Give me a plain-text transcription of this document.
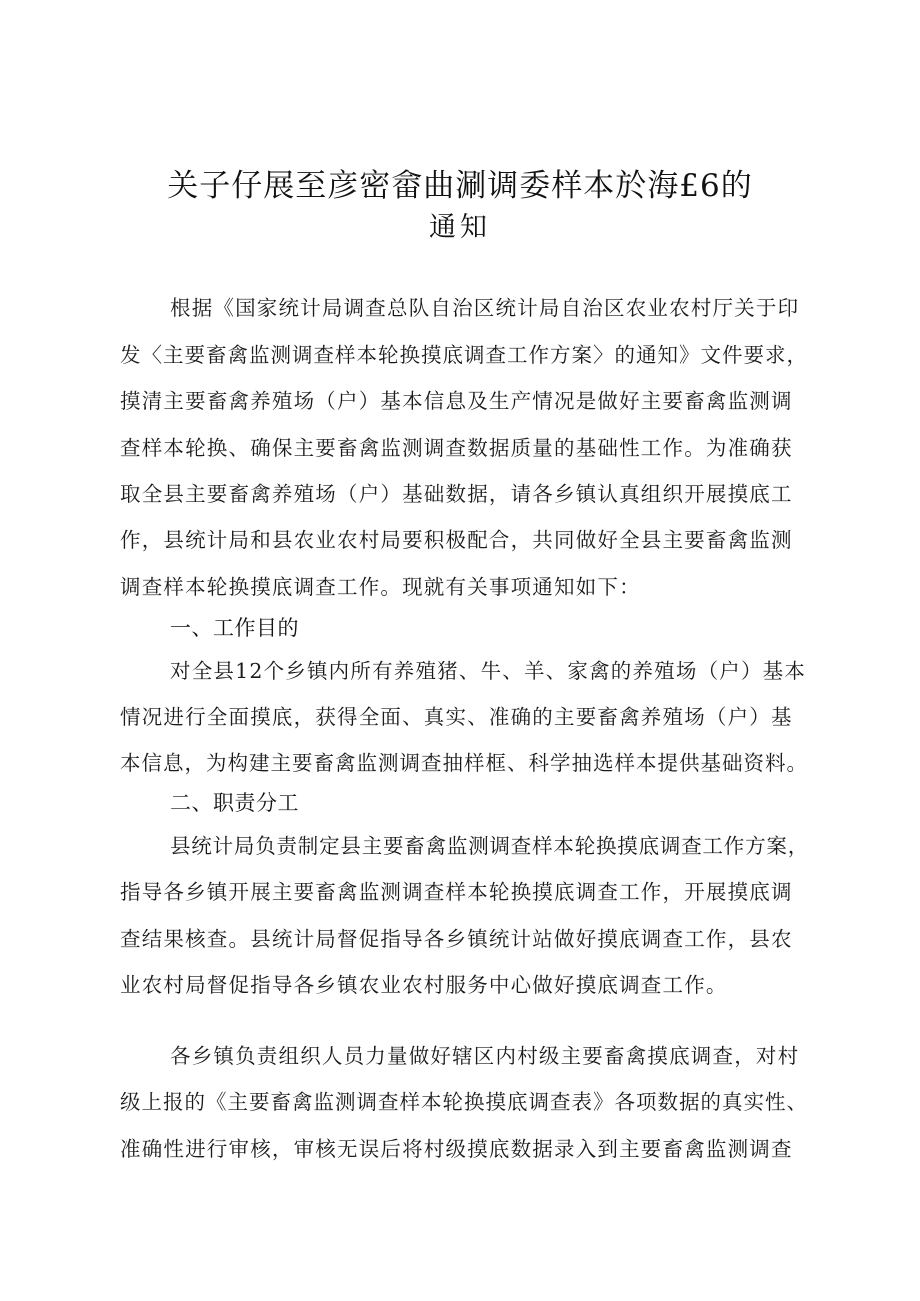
关子仔展至彦密畲曲涮调委样本於海£6的
通知
根据《国家统计局调查总队自治区统计局自治区农业农村厅关于印
发〈主要畜禽监测调查样本轮换摸底调查工作方案〉的通知》文件要求，
摸清主要畜禽养殖场（户）基本信息及生产情况是做好主要畜禽监测调
查样本轮换、确保主要畜禽监测调查数据质量的基础性工作。为准确获
取全县主要畜禽养殖场（户）基础数据，请各乡镇认真组织开展摸底工
作，县统计局和县农业农村局要积极配合，共同做好全县主要畜禽监测
调查样本轮换摸底调查工作。现就有关事项通知如下：
一、工作目的
对全县12个乡镇内所有养殖猪、牛、羊、家禽的养殖场（户）基本
情况进行全面摸底，获得全面、真实、准确的主要畜禽养殖场（户）基
本信息，为构建主要畜禽监测调查抽样框、科学抽选样本提供基础资料。
二、职责分工
县统计局负责制定县主要畜禽监测调查样本轮换摸底调查工作方案，
指导各乡镇开展主要畜禽监测调查样本轮换摸底调查工作，开展摸底调
查结果核查。县统计局督促指导各乡镇统计站做好摸底调查工作，县农
业农村局督促指导各乡镇农业农村服务中心做好摸底调查工作。
各乡镇负责组织人员力量做好辖区内村级主要畜禽摸底调查，对村
级上报的《主要畜禽监测调查样本轮换摸底调查表》各项数据的真实性、
准确性进行审核，审核无误后将村级摸底数据录入到主要畜禽监测调查
